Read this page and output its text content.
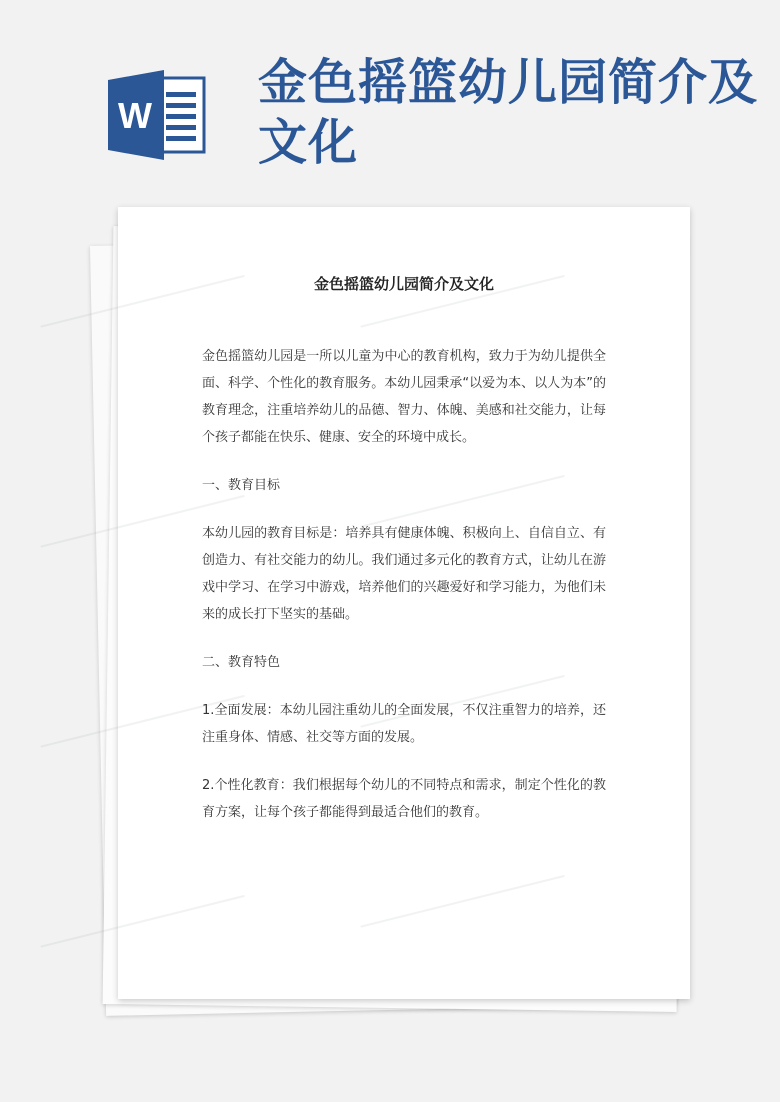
W
金色摇篮幼儿园简介及文化
金色摇篮幼儿园简介及文化

金色摇篮幼儿园是一所以儿童为中心的教育机构，致力于为幼儿提供全面、科学、个性化的教育服务。本幼儿园秉承“以爱为本、以人为本”的教育理念，注重培养幼儿的品德、智力、体魄、美感和社交能力，让每个孩子都能在快乐、健康、安全的环境中成长。

一、教育目标

本幼儿园的教育目标是：培养具有健康体魄、积极向上、自信自立、有创造力、有社交能力的幼儿。我们通过多元化的教育方式，让幼儿在游戏中学习、在学习中游戏，培养他们的兴趣爱好和学习能力，为他们未来的成长打下坚实的基础。

二、教育特色

1.全面发展：本幼儿园注重幼儿的全面发展，不仅注重智力的培养，还注重身体、情感、社交等方面的发展。

2.个性化教育：我们根据每个幼儿的不同特点和需求，制定个性化的教育方案，让每个孩子都能得到最适合他们的教育。
